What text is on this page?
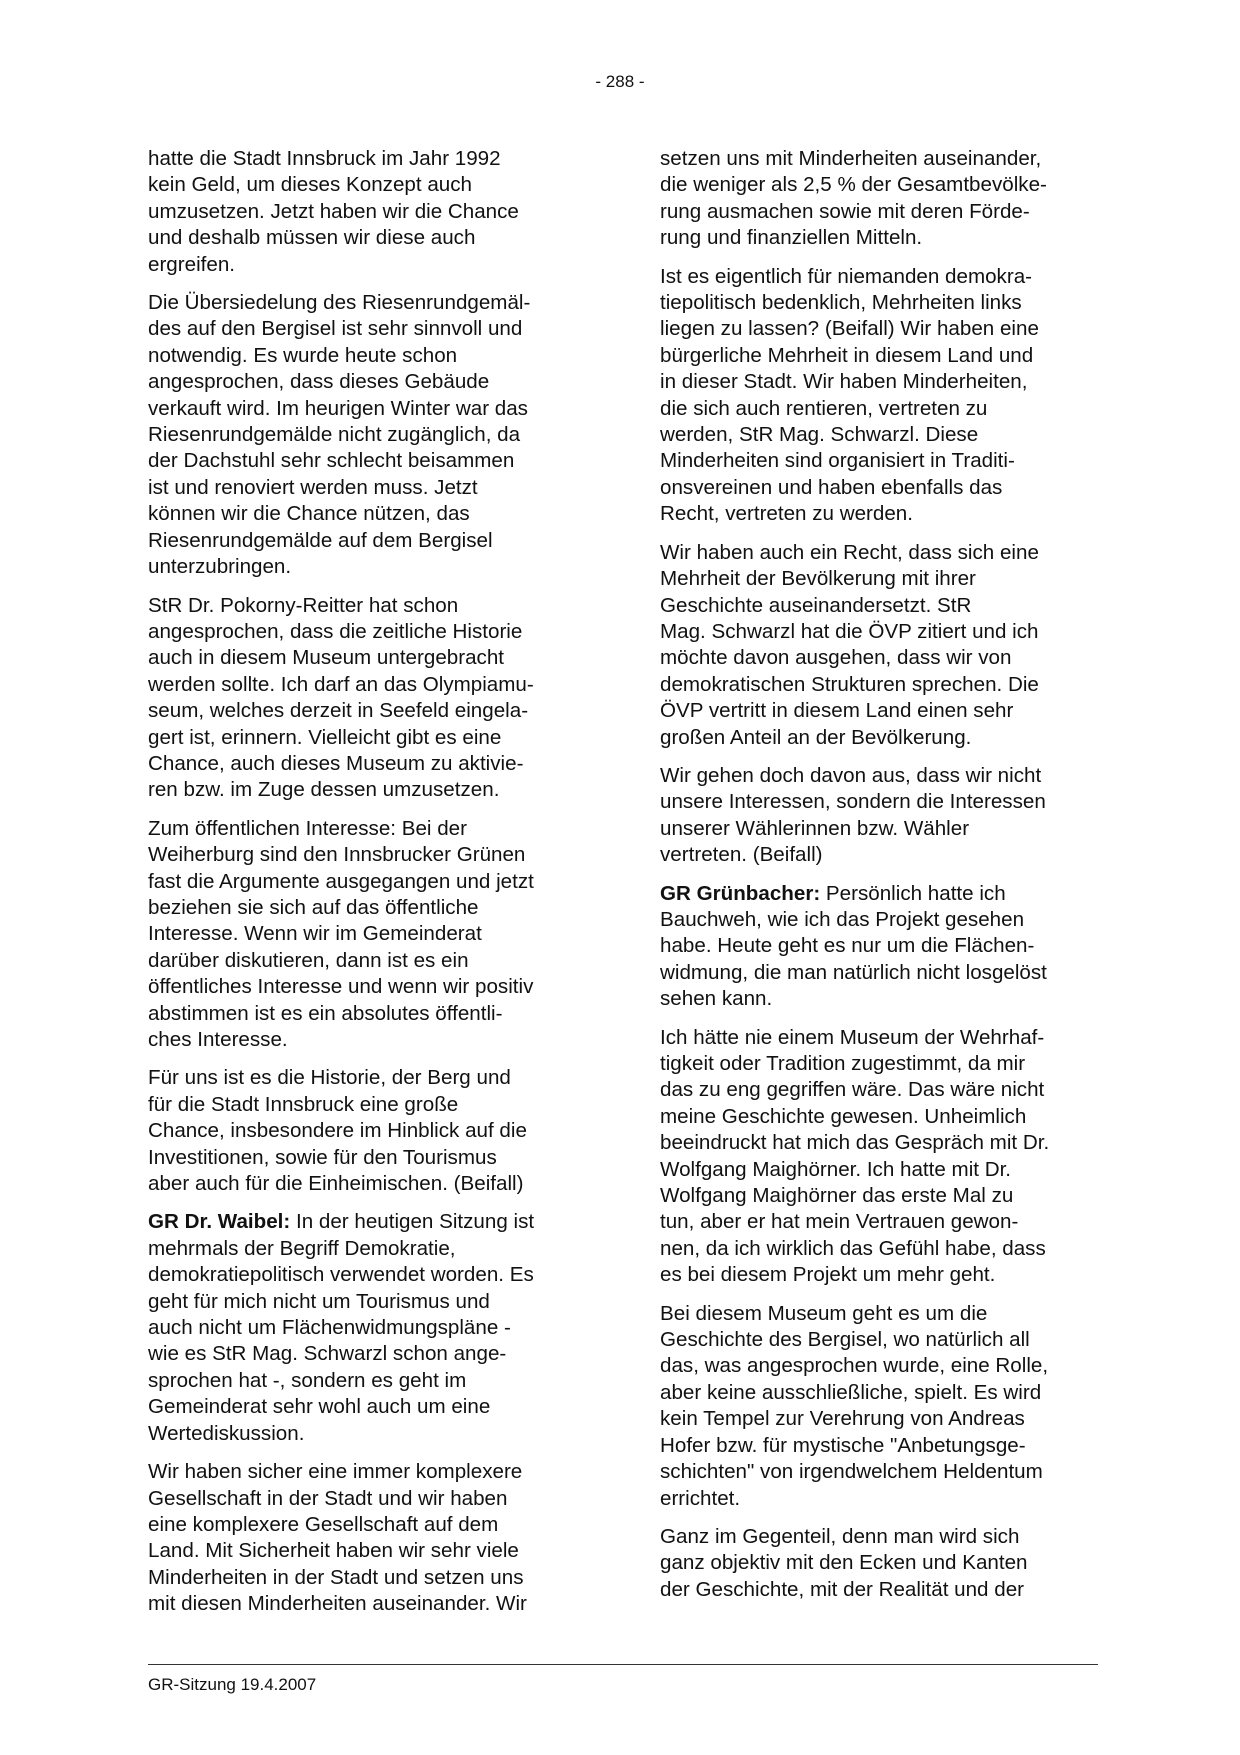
- 288 -

hatte die Stadt Innsbruck im Jahr 1992
kein Geld, um dieses Konzept auch
umzusetzen. Jetzt haben wir die Chance
und deshalb müssen wir diese auch
ergreifen.

Die Übersiedelung des Riesenrundgemäl-
des auf den Bergisel ist sehr sinnvoll und
notwendig. Es wurde heute schon
angesprochen, dass dieses Gebäude
verkauft wird. Im heurigen Winter war das
Riesenrundgemälde nicht zugänglich, da
der Dachstuhl sehr schlecht beisammen
ist und renoviert werden muss. Jetzt
können wir die Chance nützen, das
Riesenrundgemälde auf dem Bergisel
unterzubringen.

StR Dr. Pokorny-Reitter hat schon
angesprochen, dass die zeitliche Historie
auch in diesem Museum untergebracht
werden sollte. Ich darf an das Olympiamu-
seum, welches derzeit in Seefeld eingela-
gert ist, erinnern. Vielleicht gibt es eine
Chance, auch dieses Museum zu aktivie-
ren bzw. im Zuge dessen umzusetzen.

Zum öffentlichen Interesse: Bei der
Weiherburg sind den Innsbrucker Grünen
fast die Argumente ausgegangen und jetzt
beziehen sie sich auf das öffentliche
Interesse. Wenn wir im Gemeinderat
darüber diskutieren, dann ist es ein
öffentliches Interesse und wenn wir positiv
abstimmen ist es ein absolutes öffentli-
ches Interesse.

Für uns ist es die Historie, der Berg und
für die Stadt Innsbruck eine große
Chance, insbesondere im Hinblick auf die
Investitionen, sowie für den Tourismus
aber auch für die Einheimischen. (Beifall)

GR Dr. Waibel: In der heutigen Sitzung ist
mehrmals der Begriff Demokratie,
demokratiepolitisch verwendet worden. Es
geht für mich nicht um Tourismus und
auch nicht um Flächenwidmungspläne -
wie es StR Mag. Schwarzl schon ange-
sprochen hat -, sondern es geht im
Gemeinderat sehr wohl auch um eine
Wertediskussion.

Wir haben sicher eine immer komplexere
Gesellschaft in der Stadt und wir haben
eine komplexere Gesellschaft auf dem
Land. Mit Sicherheit haben wir sehr viele
Minderheiten in der Stadt und setzen uns
mit diesen Minderheiten auseinander. Wir

setzen uns mit Minderheiten auseinander,
die weniger als 2,5 % der Gesamtbevölke-
rung ausmachen sowie mit deren Förde-
rung und finanziellen Mitteln.

Ist es eigentlich für niemanden demokra-
tiepolitisch bedenklich, Mehrheiten links
liegen zu lassen? (Beifall) Wir haben eine
bürgerliche Mehrheit in diesem Land und
in dieser Stadt. Wir haben Minderheiten,
die sich auch rentieren, vertreten zu
werden, StR Mag. Schwarzl. Diese
Minderheiten sind organisiert in Traditi-
onsvereinen und haben ebenfalls das
Recht, vertreten zu werden.

Wir haben auch ein Recht, dass sich eine
Mehrheit der Bevölkerung mit ihrer
Geschichte auseinandersetzt. StR
Mag. Schwarzl hat die ÖVP zitiert und ich
möchte davon ausgehen, dass wir von
demokratischen Strukturen sprechen. Die
ÖVP vertritt in diesem Land einen sehr
großen Anteil an der Bevölkerung.

Wir gehen doch davon aus, dass wir nicht
unsere Interessen, sondern die Interessen
unserer Wählerinnen bzw. Wähler
vertreten. (Beifall)

GR Grünbacher: Persönlich hatte ich
Bauchweh, wie ich das Projekt gesehen
habe. Heute geht es nur um die Flächen-
widmung, die man natürlich nicht losgelöst
sehen kann.

Ich hätte nie einem Museum der Wehrhaf-
tigkeit oder Tradition zugestimmt, da mir
das zu eng gegriffen wäre. Das wäre nicht
meine Geschichte gewesen. Unheimlich
beeindruckt hat mich das Gespräch mit Dr.
Wolfgang Maighörner. Ich hatte mit Dr.
Wolfgang Maighörner das erste Mal zu
tun, aber er hat mein Vertrauen gewon-
nen, da ich wirklich das Gefühl habe, dass
es bei diesem Projekt um mehr geht.

Bei diesem Museum geht es um die
Geschichte des Bergisel, wo natürlich all
das, was angesprochen wurde, eine Rolle,
aber keine ausschließliche, spielt. Es wird
kein Tempel zur Verehrung von Andreas
Hofer bzw. für mystische "Anbetungsge-
schichten" von irgendwelchem Heldentum
errichtet.

Ganz im Gegenteil, denn man wird sich
ganz objektiv mit den Ecken und Kanten
der Geschichte, mit der Realität und der

GR-Sitzung 19.4.2007
